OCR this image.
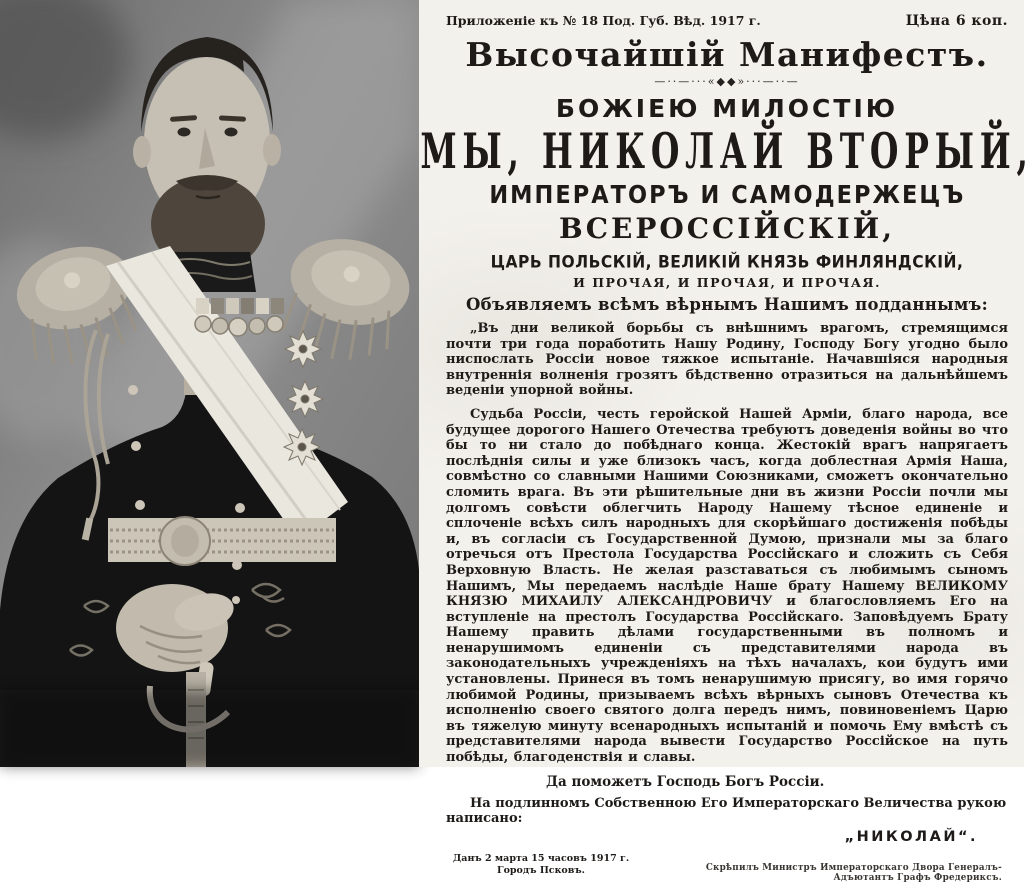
Приложеніе къ № 18 Под. Губ. Вѣд. 1917 г.	Цѣна 6 коп.
Высочайшій Манифестъ.
—··—···«◆◆»···—··—
БОЖІЕЮ МИЛОСТІЮ
МЫ, НИКОЛАЙ ВТОРЫЙ,
ИМПЕРАТОРЪ И САМОДЕРЖЕЦЪ
ВСЕРОССІЙСКІЙ,
ЦАРЬ ПОЛЬСКІЙ, ВЕЛИКІЙ КНЯЗЬ ФИНЛЯНДСКІЙ,
И ПРОЧАЯ, И ПРОЧАЯ, И ПРОЧАЯ.
Объявляемъ всѣмъ вѣрнымъ Нашимъ подданнымъ:

„Въ дни великой борьбы съ внѣшнимъ врагомъ, стремящимся почти три года поработить Нашу Родину, Господу Богу угодно было ниспослать Россіи новое тяжкое испытаніе. Начавшіяся народныя внутреннія волненія грозятъ бѣдственно отразиться на дальнѣйшемъ веденіи упорной войны.

Судьба Россіи, честь геройской Нашей Арміи, благо народа, все будущее дорогого Нашего Отечества требуютъ доведенія войны во что бы то ни стало до побѣднаго конца. Жестокій врагъ напрягаетъ послѣднія силы и уже близокъ часъ, когда доблестная Армія Наша, совмѣстно со славными Нашими Союзниками, сможетъ окончательно сломить врага. Въ эти рѣшительные дни въ жизни Россіи почли мы долгомъ совѣсти облегчить Народу Нашему тѣсное единеніе и сплоченіе всѣхъ силъ народныхъ для скорѣйшаго достиженія побѣды и, въ согласіи съ Государственной Думою, признали мы за благо отречься отъ Престола Государства Россійскаго и сложить съ Себя Верховную Власть. Не желая разставаться съ любимымъ сыномъ Нашимъ, Мы передаемъ наслѣдіе Наше брату Нашему ВЕЛИКОМУ КНЯЗЮ МИХАИЛУ АЛЕКСАНДРОВИЧУ и благословляемъ Его на вступленіе на престолъ Государства Россійскаго. Заповѣдуемъ Брату Нашему править дѣлами государственными въ полномъ и ненарушимомъ единеніи съ представителями народа въ законодательныхъ учрежденіяхъ на тѣхъ началахъ, кои будутъ ими установлены. Принеся въ томъ ненарушимую присягу, во имя горячо любимой Родины, призываемъ всѣхъ вѣрныхъ сыновъ Отечества къ исполненію своего святого долга передъ нимъ, повиновеніемъ Царю въ тяжелую минуту всенародныхъ испытаній и помочь Ему вмѣстѣ съ представителями народа вывести Государство Россійское на путь побѣды, благоденствія и славы.

Да поможетъ Господь Богъ Россіи.
На подлинномъ Собственною Его Императорскаго Величества рукою написано:
„НИКОЛАЙ“.
Данъ 2 марта 15 часовъ 1917 г.
Городъ Псковъ.	Скрѣпилъ Министръ Императорскаго Двора Генералъ-Адъютантъ Графъ Фредериксъ.
